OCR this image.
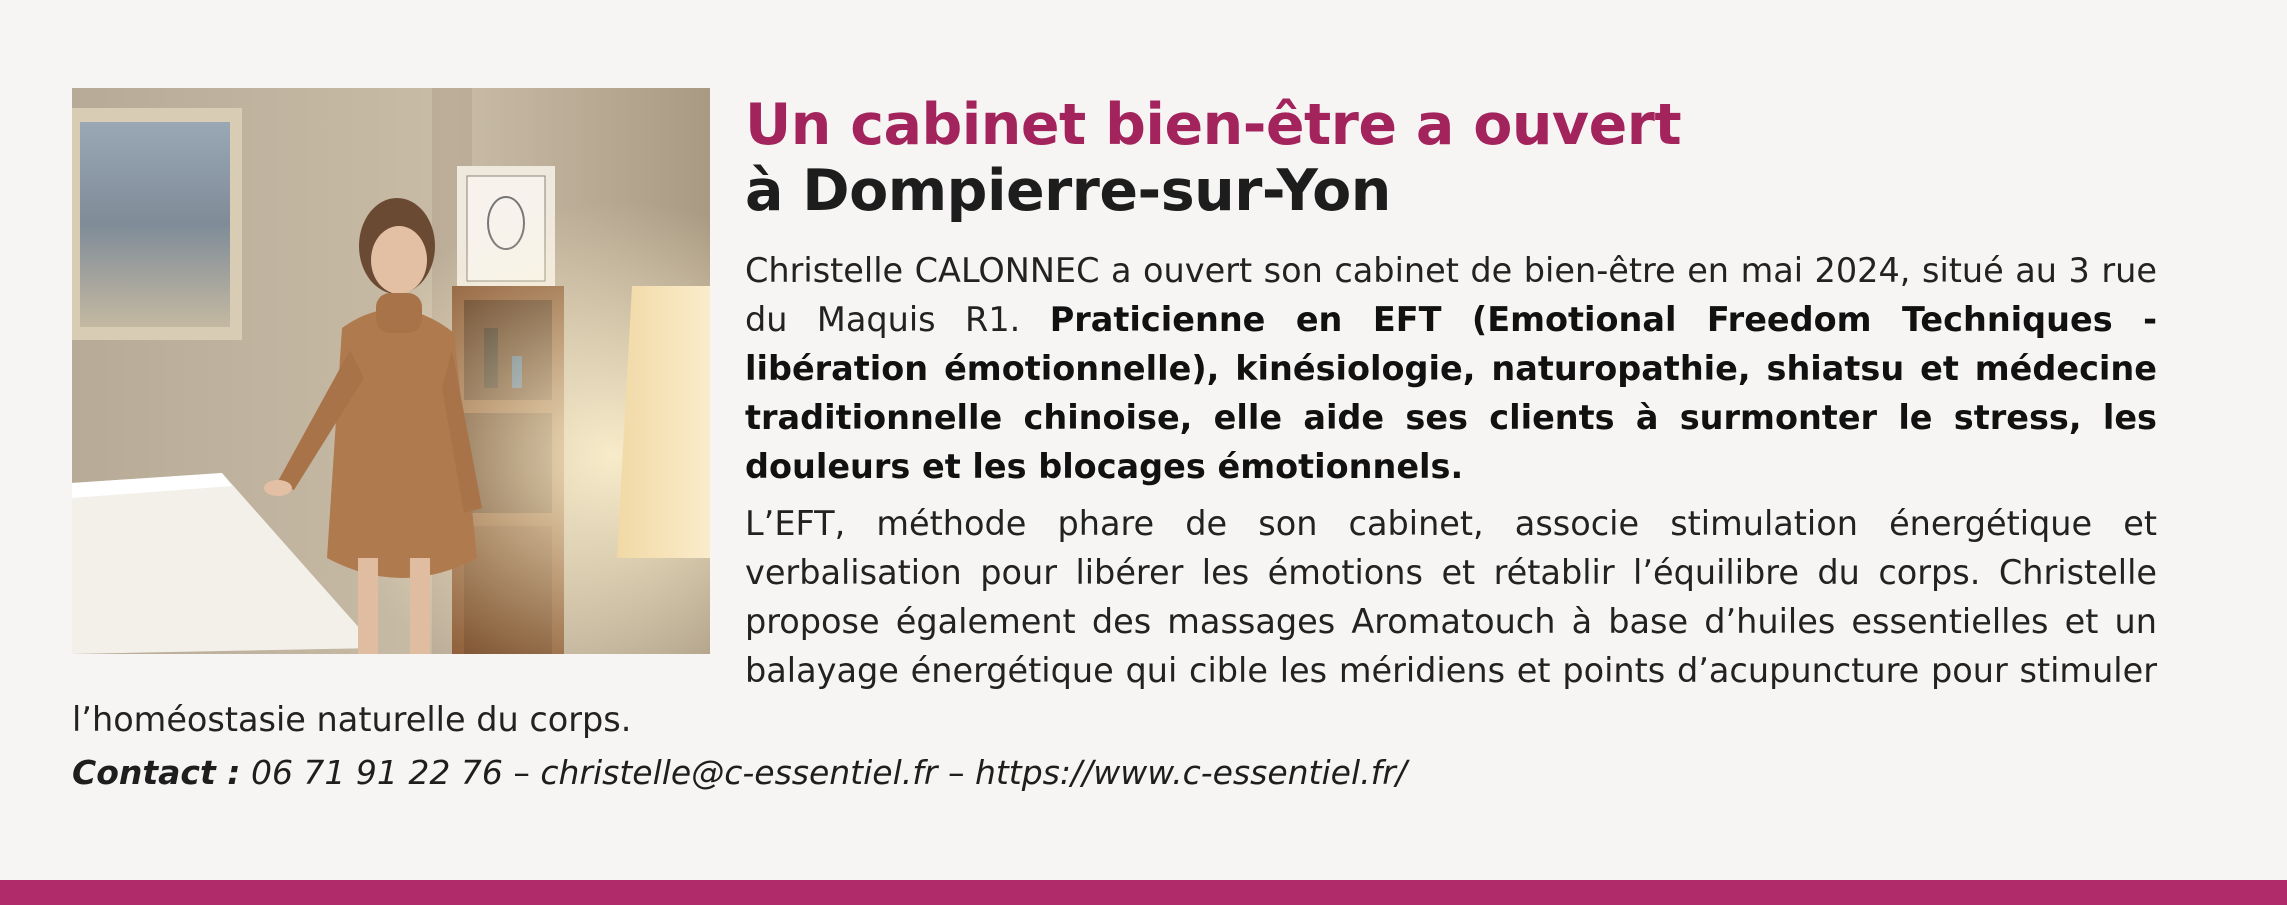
Un cabinet bien-être a ouvert
à Dompierre-sur-Yon

Christelle CALONNEC a ouvert son cabinet de bien-être en mai 2024, situé au 3 rue du Maquis R1. Praticienne en EFT (Emotional Freedom Techniques - libération émotionnelle), kinésiologie, naturopathie, shiatsu et médecine traditionnelle chinoise, elle aide ses clients à surmonter le stress, les douleurs et les blocages émotionnels.

L’EFT, méthode phare de son cabinet, associe stimulation énergétique et verbalisation pour libérer les émotions et rétablir l’équilibre du corps. Christelle propose également des massages Aromatouch à base d’huiles essentielles et un balayage énergétique qui cible les méridiens et points d’acupuncture pour stimuler l’homéostasie naturelle du corps.

Contact : 06 71 91 22 76 – christelle@c-essentiel.fr – https://www.c-essentiel.fr/
